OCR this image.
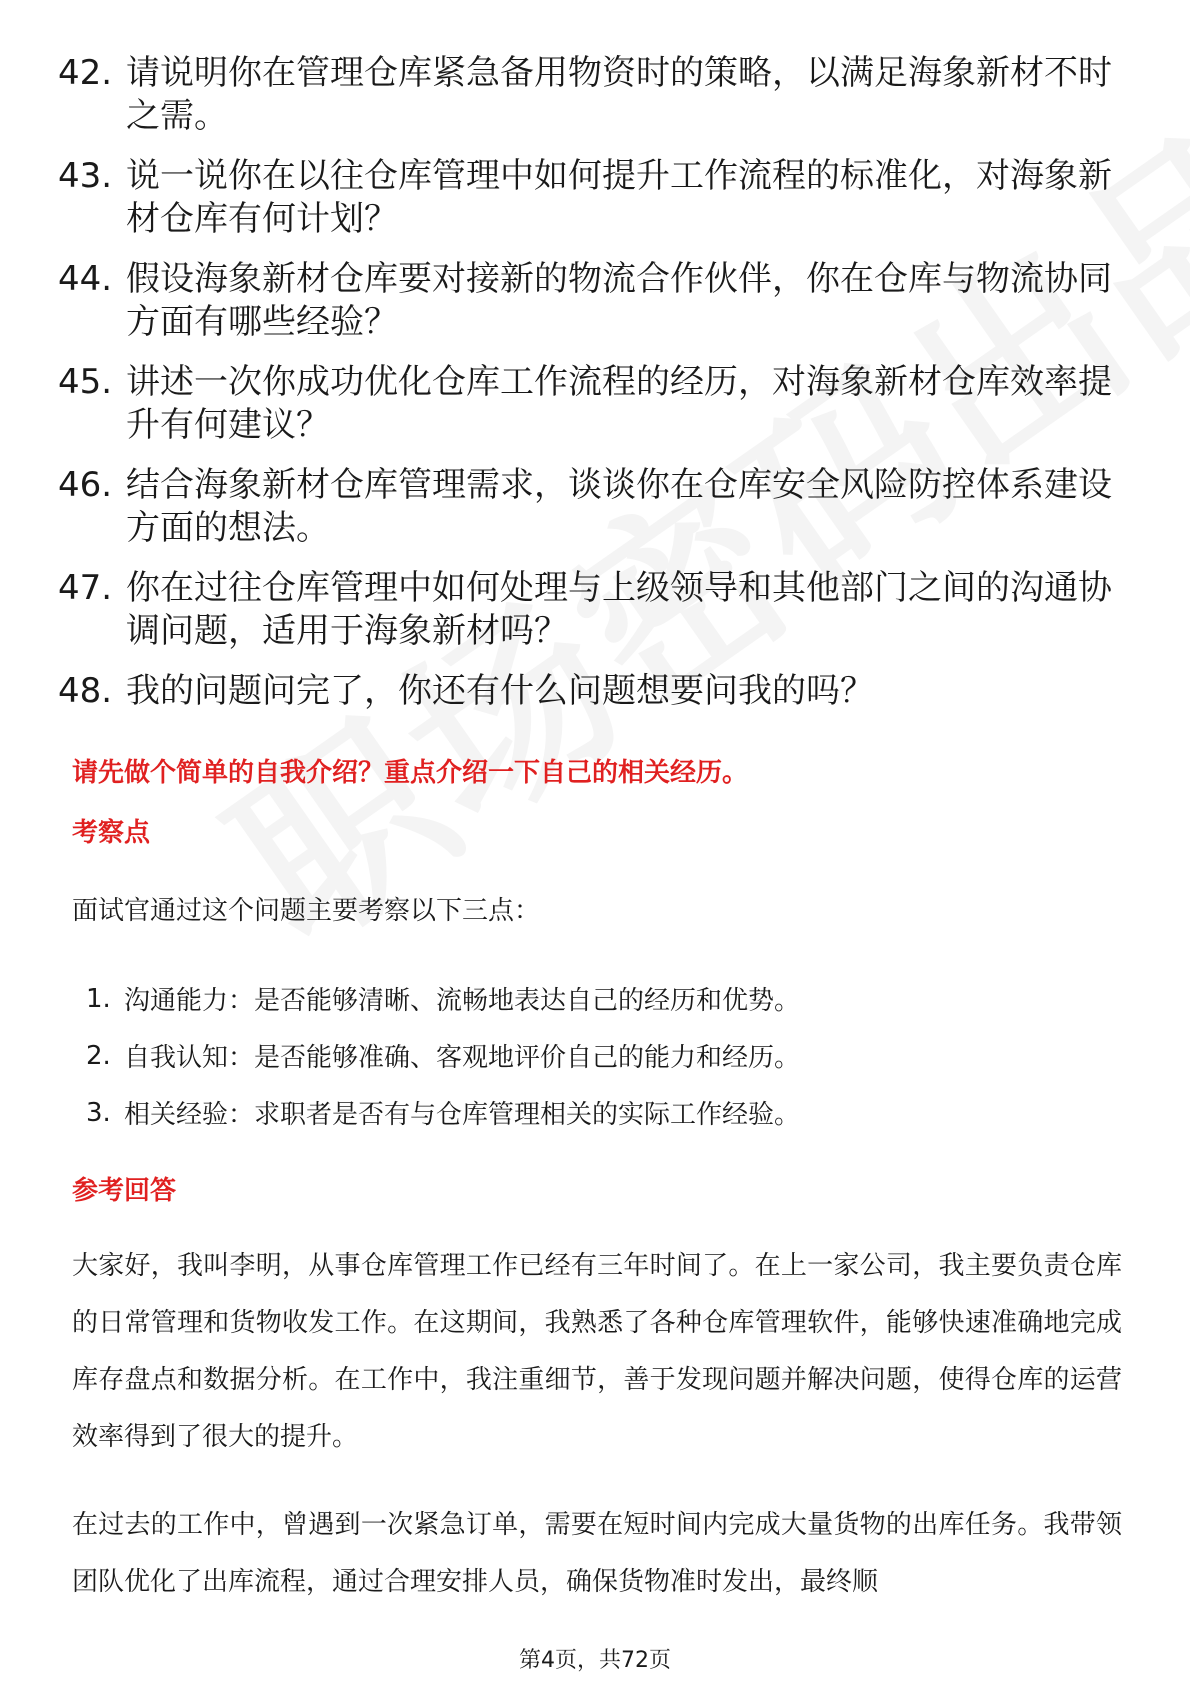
42. 请说明你在管理仓库紧急备用物资时的策略，以满足海象新材不时之需。
43. 说一说你在以往仓库管理中如何提升工作流程的标准化，对海象新材仓库有何计划？
44. 假设海象新材仓库要对接新的物流合作伙伴，你在仓库与物流协同方面有哪些经验？
45. 讲述一次你成功优化仓库工作流程的经历，对海象新材仓库效率提升有何建议？
46. 结合海象新材仓库管理需求，谈谈你在仓库安全风险防控体系建设方面的想法。
47. 你在过往仓库管理中如何处理与上级领导和其他部门之间的沟通协调问题，适用于海象新材吗？
48. 我的问题问完了，你还有什么问题想要问我的吗？
请先做个简单的自我介绍？重点介绍一下自己的相关经历。
考察点
面试官通过这个问题主要考察以下三点：
1. 沟通能力：是否能够清晰、流畅地表达自己的经历和优势。
2. 自我认知：是否能够准确、客观地评价自己的能力和经历。
3. 相关经验：求职者是否有与仓库管理相关的实际工作经验。
参考回答
大家好，我叫李明，从事仓库管理工作已经有三年时间了。在上一家公司，我主要负责仓库的日常管理和货物收发工作。在这期间，我熟悉了各种仓库管理软件，能够快速准确地完成库存盘点和数据分析。在工作中，我注重细节，善于发现问题并解决问题，使得仓库的运营效率得到了很大的提升。
在过去的工作中，曾遇到一次紧急订单，需要在短时间内完成大量货物的出库任务。我带领团队优化了出库流程，通过合理安排人员，确保货物准时发出，最终顺
第4页，共72页
